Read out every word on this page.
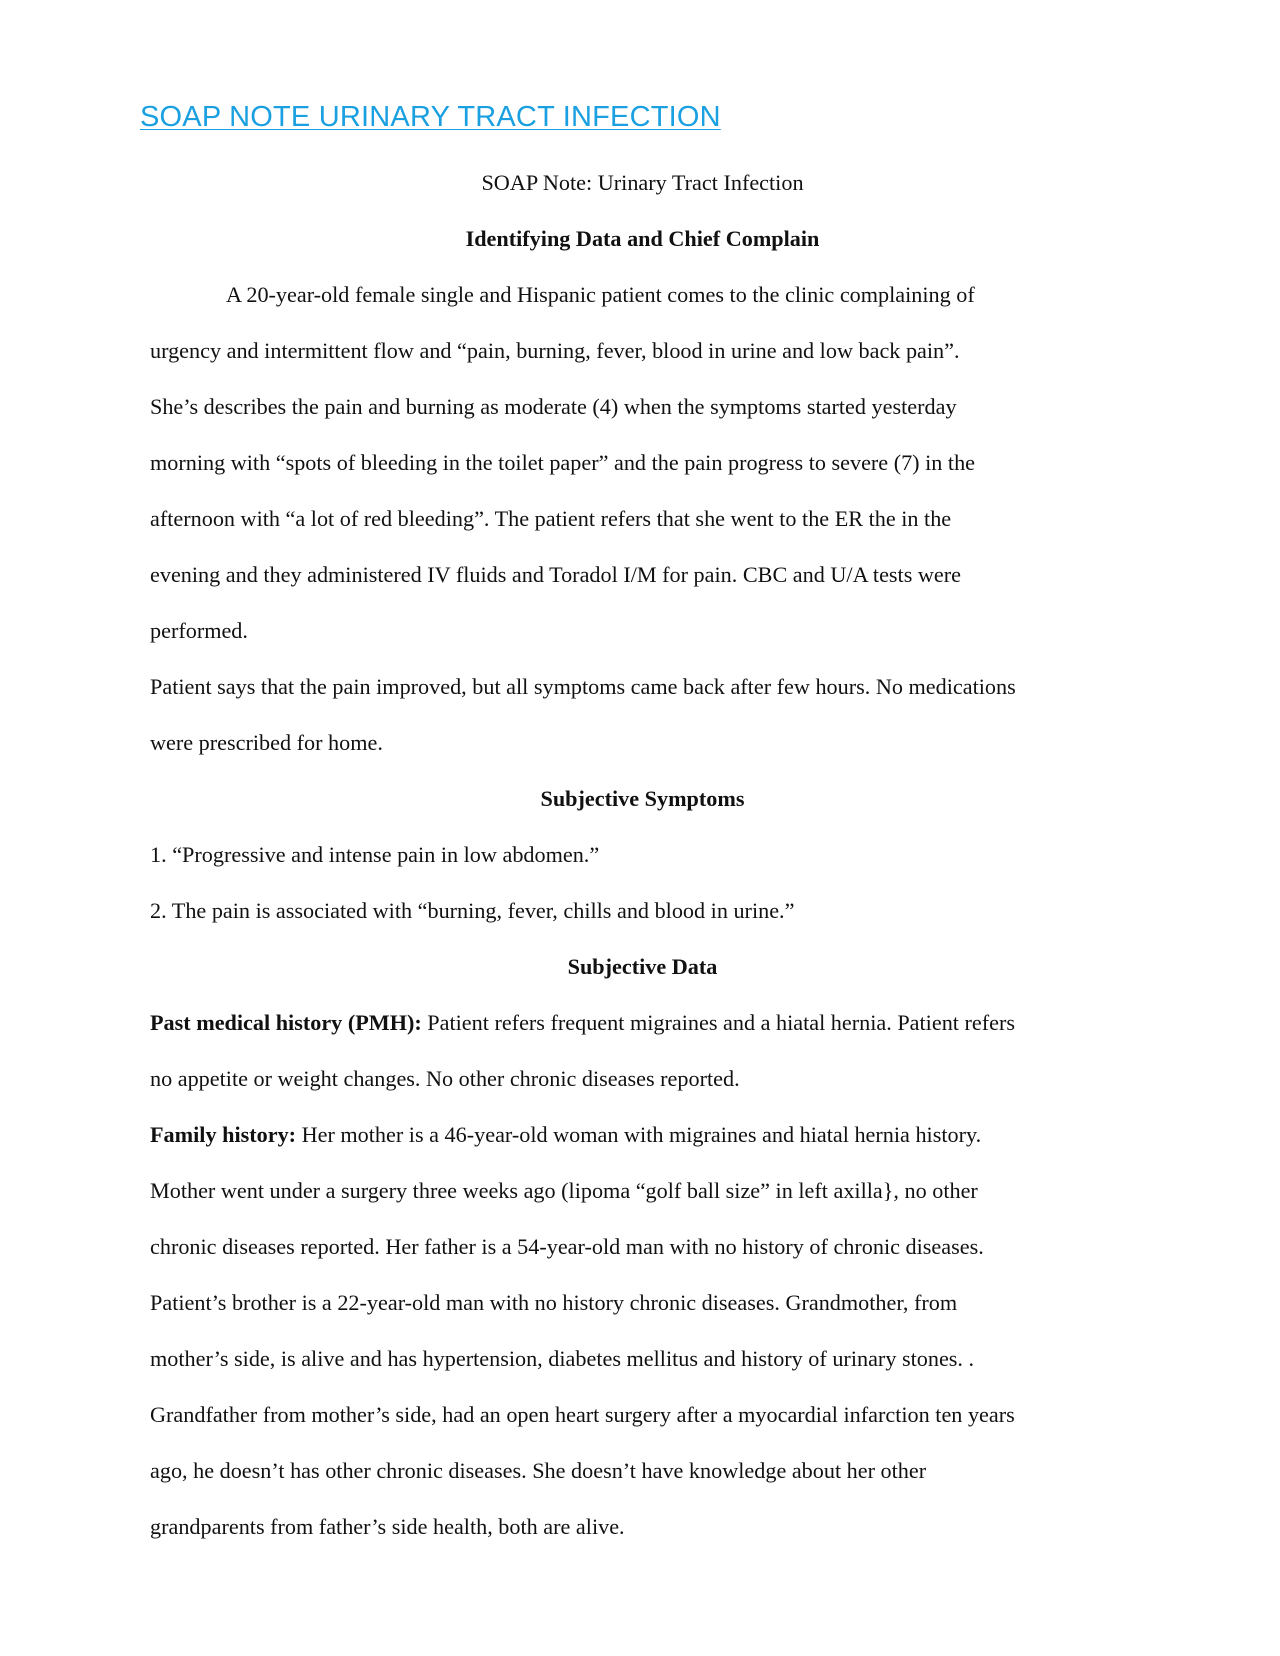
SOAP NOTE URINARY TRACT INFECTION

SOAP Note: Urinary Tract Infection

Identifying Data and Chief Complain

A 20-year-old female single and Hispanic patient comes to the clinic complaining of

urgency and intermittent flow and “pain, burning, fever, blood in urine and low back pain”.

She’s describes the pain and burning as moderate (4) when the symptoms started yesterday

morning with “spots of bleeding in the toilet paper” and the pain progress to severe (7) in the

afternoon with “a lot of red bleeding”. The patient refers that she went to the ER the in the

evening and they administered IV fluids and Toradol I/M for pain. CBC and U/A tests were

performed.

Patient says that the pain improved, but all symptoms came back after few hours. No medications

were prescribed for home.

Subjective Symptoms

1. “Progressive and intense pain in low abdomen.”

2. The pain is associated with “burning, fever, chills and blood in urine.”

Subjective Data

Past medical history (PMH): Patient refers frequent migraines and a hiatal hernia. Patient refers

no appetite or weight changes. No other chronic diseases reported.

Family history: Her mother is a 46-year-old woman with migraines and hiatal hernia history.

Mother went under a surgery three weeks ago (lipoma “golf ball size” in left axilla}, no other

chronic diseases reported. Her father is a 54-year-old man with no history of chronic diseases.

Patient’s brother is a 22-year-old man with no history chronic diseases. Grandmother, from

mother’s side, is alive and has hypertension, diabetes mellitus and history of urinary stones. .

Grandfather from mother’s side, had an open heart surgery after a myocardial infarction ten years

ago, he doesn’t has other chronic diseases. She doesn’t have knowledge about her other

grandparents from father’s side health, both are alive.
